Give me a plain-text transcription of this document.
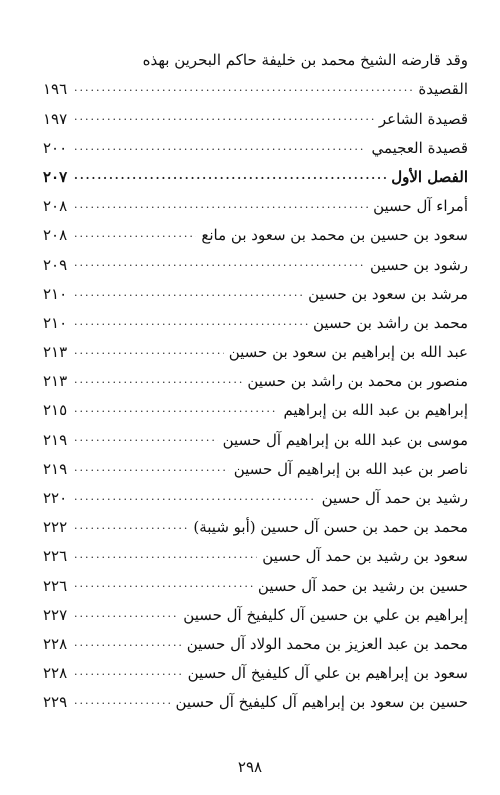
وقد قارضه الشيخ محمد بن خليفة حاكم البحرين بهذه
القصيدة
.....
١٩٦
قصيدة الشاعر
.....
١٩٧
قصيدة العجيمي
.....
٢٠٠
الفصل الأول
.....
٢٠٧
أمراء آل حسين
.....
٢٠٨
سعود بن حسين بن محمد بن سعود بن مانع
.....
٢٠٨
رشود بن حسين
.....
٢٠٩
مرشد بن سعود بن حسين
.....
٢١٠
محمد بن راشد بن حسين
.....
٢١٠
عبد الله بن إبراهيم بن سعود بن حسين
.....
٢١٣
منصور بن محمد بن راشد بن حسين
.....
٢١٣
إبراهيم بن عبد الله بن إبراهيم
.....
٢١٥
موسى بن عبد الله بن إبراهيم آل حسين
.....
٢١٩
ناصر بن عبد الله بن إبراهيم آل حسين
.....
٢١٩
رشيد بن حمد آل حسين
.....
٢٢٠
محمد بن حمد بن حسن آل حسين (أبو شيبة)
.....
٢٢٢
سعود بن رشيد بن حمد آل حسين
.....
٢٢٦
حسين بن رشيد بن حمد آل حسين
.....
٢٢٦
إبراهيم بن علي بن حسين آل كليفيخ آل حسين
.....
٢٢٧
محمد بن عبد العزيز بن محمد الولاد آل حسين
.....
٢٢٨
سعود بن إبراهيم بن علي آل كليفيخ آل حسين
.....
٢٢٨
حسين بن سعود بن إبراهيم آل كليفيخ آل حسين
.....
٢٢٩
٢٩٨
